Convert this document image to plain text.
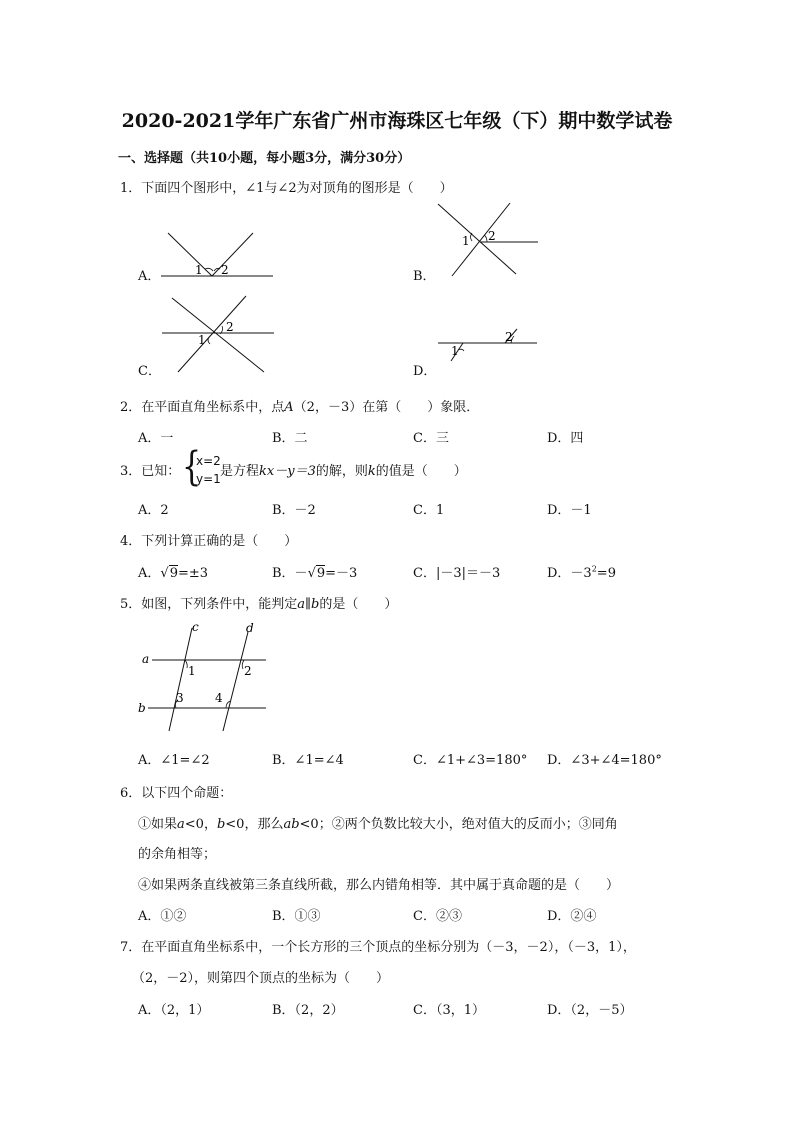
2020-2021学年广东省广州市海珠区七年级（下）期中数学试卷
一、选择题（共10小题，每小题3分，满分30分）
1．下面四个图形中，∠1与∠2为对顶角的图形是（　　）
A．	1 2	B．
1 2
C．
1
2
D．
1
2
2．在平面直角坐标系中，点A（2，－3）在第（　　）象限．
A．一	B．二	C．三	D．四
3．已知： {
x=2
y=1 是方程kx－y＝3的解，则k的值是（　　）
A．2	B．－2	C．1	D．－1
4．下列计算正确的是（　　）
A．√9=±3	B．－√9=－3	C．|－3|＝－3	D．$-3^2=9$
5．如图，下列条件中，能判定a∥b的是（　　）
c	d
a
b
1	2
3	4
A．∠1=∠2	B．∠1=∠4	C．∠1+∠3=180° D．∠3+∠4=180°
6．以下四个命题：
①如果a<0，b<0，那么ab<0；②两个负数比较大小，绝对值大的反而小；③同角
的余角相等；
④如果两条直线被第三条直线所截，那么内错角相等．其中属于真命题的是（　　）
A．①②	B．①③	C．②③	D．②④
7．在平面直角坐标系中，一个长方形的三个顶点的坐标分别为（－3，－2），（－3，1），
（2，－2），则第四个顶点的坐标为（　　）
A．（2，1）	B．（2，2）	C．（3，1）	D．（2，－5）
